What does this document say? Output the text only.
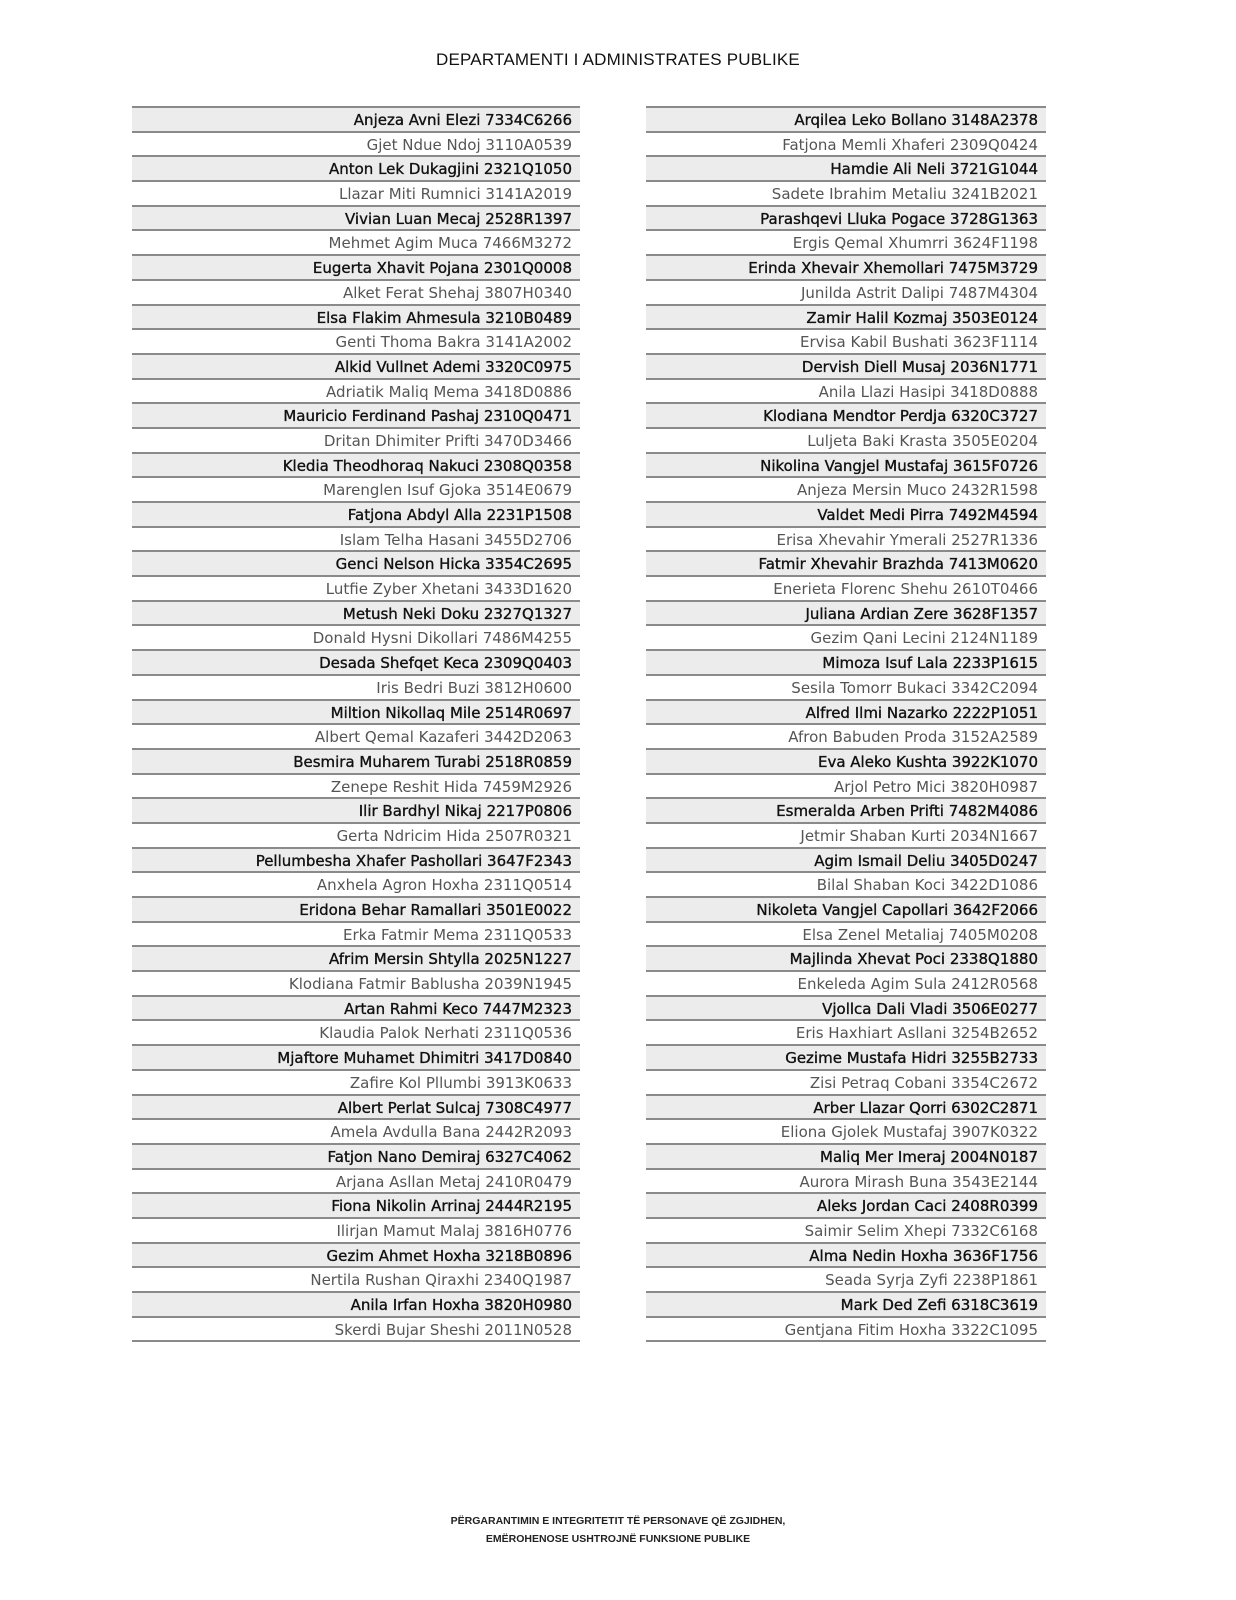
DEPARTAMENTI I ADMINISTRATES PUBLIKE
Anjeza Avni Elezi 7334C6266
Gjet Ndue Ndoj 3110A0539
Anton Lek Dukagjini 2321Q1050
Llazar Miti Rumnici 3141A2019
Vivian Luan Mecaj 2528R1397
Mehmet Agim Muca 7466M3272
Eugerta Xhavit Pojana 2301Q0008
Alket Ferat Shehaj 3807H0340
Elsa Flakim Ahmesula 3210B0489
Genti Thoma Bakra 3141A2002
Alkid Vullnet Ademi 3320C0975
Adriatik Maliq Mema 3418D0886
Mauricio Ferdinand Pashaj 2310Q0471
Dritan Dhimiter Prifti 3470D3466
Kledia Theodhoraq Nakuci 2308Q0358
Marenglen Isuf Gjoka 3514E0679
Fatjona Abdyl Alla 2231P1508
Islam Telha Hasani 3455D2706
Genci Nelson Hicka 3354C2695
Lutfie Zyber Xhetani 3433D1620
Metush Neki Doku 2327Q1327
Donald Hysni Dikollari 7486M4255
Desada Shefqet Keca 2309Q0403
Iris Bedri Buzi 3812H0600
Miltion Nikollaq Mile 2514R0697
Albert Qemal Kazaferi 3442D2063
Besmira Muharem Turabi 2518R0859
Zenepe Reshit Hida 7459M2926
Ilir Bardhyl Nikaj 2217P0806
Gerta Ndricim Hida 2507R0321
Pellumbesha Xhafer Pashollari 3647F2343
Anxhela Agron Hoxha 2311Q0514
Eridona Behar Ramallari 3501E0022
Erka Fatmir Mema 2311Q0533
Afrim Mersin Shtylla 2025N1227
Klodiana Fatmir Bablusha 2039N1945
Artan Rahmi Keco 7447M2323
Klaudia Palok Nerhati 2311Q0536
Mjaftore Muhamet Dhimitri 3417D0840
Zafire Kol Pllumbi 3913K0633
Albert Perlat Sulcaj 7308C4977
Amela Avdulla Bana 2442R2093
Fatjon Nano Demiraj 6327C4062
Arjana Asllan Metaj 2410R0479
Fiona Nikolin Arrinaj 2444R2195
Ilirjan Mamut Malaj 3816H0776
Gezim Ahmet Hoxha 3218B0896
Nertila Rushan Qiraxhi 2340Q1987
Anila Irfan Hoxha 3820H0980
Skerdi Bujar Sheshi 2011N0528
Arqilea Leko Bollano 3148A2378
Fatjona Memli Xhaferi 2309Q0424
Hamdie Ali Neli 3721G1044
Sadete Ibrahim Metaliu 3241B2021
Parashqevi Lluka Pogace 3728G1363
Ergis Qemal Xhumrri 3624F1198
Erinda Xhevair Xhemollari 7475M3729
Junilda Astrit Dalipi 7487M4304
Zamir Halil Kozmaj 3503E0124
Ervisa Kabil Bushati 3623F1114
Dervish Diell Musaj 2036N1771
Anila Llazi Hasipi 3418D0888
Klodiana Mendtor Perdja 6320C3727
Luljeta Baki Krasta 3505E0204
Nikolina Vangjel Mustafaj 3615F0726
Anjeza Mersin Muco 2432R1598
Valdet Medi Pirra 7492M4594
Erisa Xhevahir Ymerali 2527R1336
Fatmir Xhevahir Brazhda 7413M0620
Enerieta Florenc Shehu 2610T0466
Juliana Ardian Zere 3628F1357
Gezim Qani Lecini 2124N1189
Mimoza Isuf Lala 2233P1615
Sesila Tomorr Bukaci 3342C2094
Alfred Ilmi Nazarko 2222P1051
Afron Babuden Proda 3152A2589
Eva Aleko Kushta 3922K1070
Arjol Petro Mici 3820H0987
Esmeralda Arben Prifti 7482M4086
Jetmir Shaban Kurti 2034N1667
Agim Ismail Deliu 3405D0247
Bilal Shaban Koci 3422D1086
Nikoleta Vangjel Capollari 3642F2066
Elsa Zenel Metaliaj 7405M0208
Majlinda Xhevat Poci 2338Q1880
Enkeleda Agim Sula 2412R0568
Vjollca Dali Vladi 3506E0277
Eris Haxhiart Asllani 3254B2652
Gezime Mustafa Hidri 3255B2733
Zisi Petraq Cobani 3354C2672
Arber Llazar Qorri 6302C2871
Eliona Gjolek Mustafaj 3907K0322
Maliq Mer Imeraj 2004N0187
Aurora Mirash Buna 3543E2144
Aleks Jordan Caci 2408R0399
Saimir Selim Xhepi 7332C6168
Alma Nedin Hoxha 3636F1756
Seada Syrja Zyfi 2238P1861
Mark Ded Zefi 6318C3619
Gentjana Fitim Hoxha 3322C1095
PËRGARANTIMIN E INTEGRITETIT TË PERSONAVE QË ZGJIDHEN,
EMËROHENOSE USHTROJNË FUNKSIONE PUBLIKE
